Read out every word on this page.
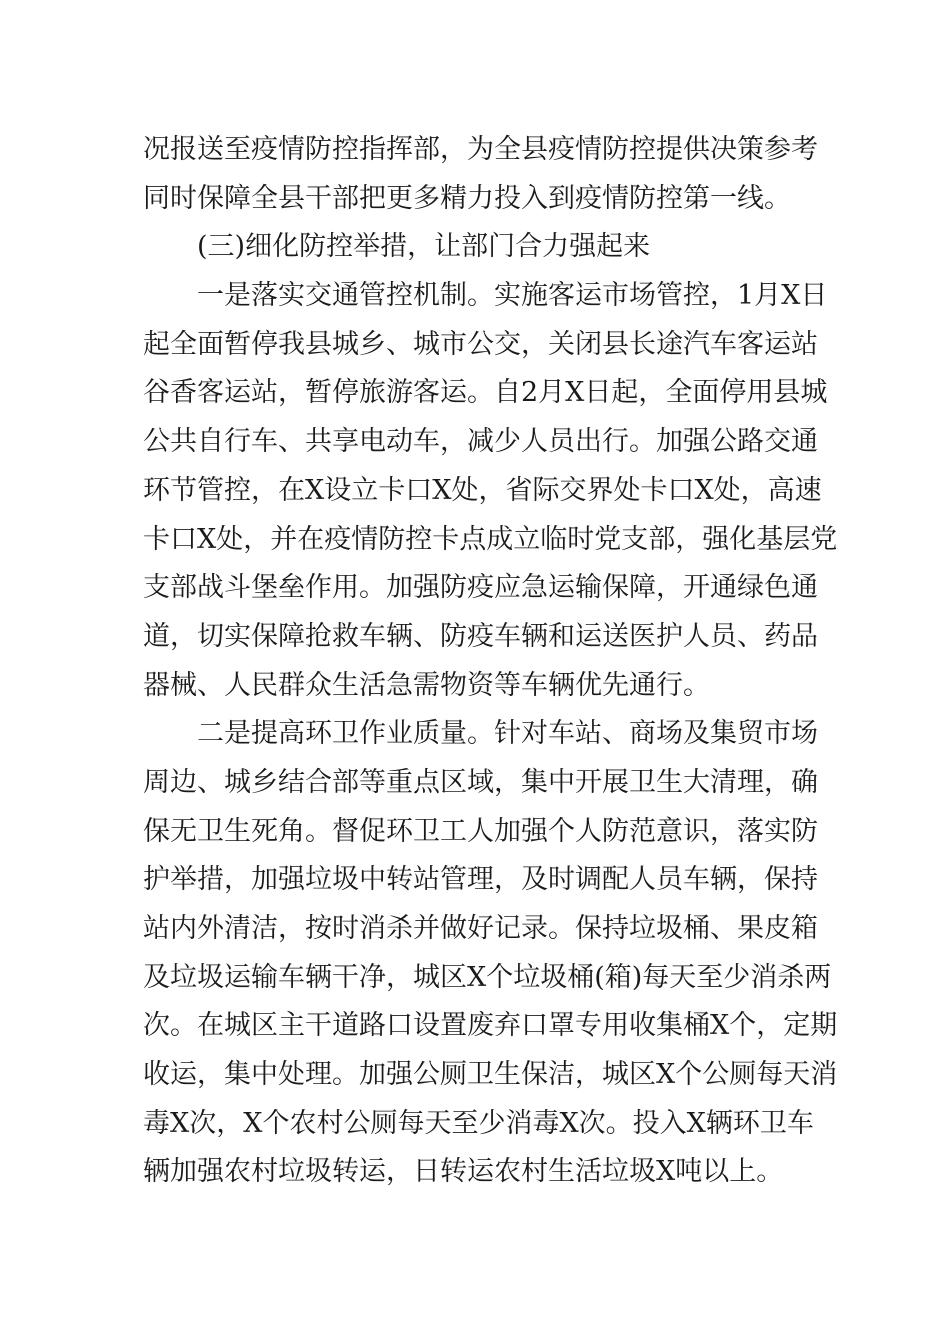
况报送至疫情防控指挥部，为全县疫情防控提供决策参考
同时保障全县干部把更多精力投入到疫情防控第一线。
(三)细化防控举措，让部门合力强起来
一是落实交通管控机制。实施客运市场管控，1月X日
起全面暂停我县城乡、城市公交，关闭县长途汽车客运站
谷香客运站，暂停旅游客运。自2月X日起，全面停用县城
公共自行车、共享电动车，减少人员出行。加强公路交通
环节管控，在X设立卡口X处，省际交界处卡口X处，高速
卡口X处，并在疫情防控卡点成立临时党支部，强化基层党
支部战斗堡垒作用。加强防疫应急运输保障，开通绿色通
道，切实保障抢救车辆、防疫车辆和运送医护人员、药品
器械、人民群众生活急需物资等车辆优先通行。
二是提高环卫作业质量。针对车站、商场及集贸市场
周边、城乡结合部等重点区域，集中开展卫生大清理，确
保无卫生死角。督促环卫工人加强个人防范意识，落实防
护举措，加强垃圾中转站管理，及时调配人员车辆，保持
站内外清洁，按时消杀并做好记录。保持垃圾桶、果皮箱
及垃圾运输车辆干净，城区X个垃圾桶(箱)每天至少消杀两
次。在城区主干道路口设置废弃口罩专用收集桶X个，定期
收运，集中处理。加强公厕卫生保洁，城区X个公厕每天消
毒X次，X个农村公厕每天至少消毒X次。投入X辆环卫车
辆加强农村垃圾转运，日转运农村生活垃圾X吨以上。
